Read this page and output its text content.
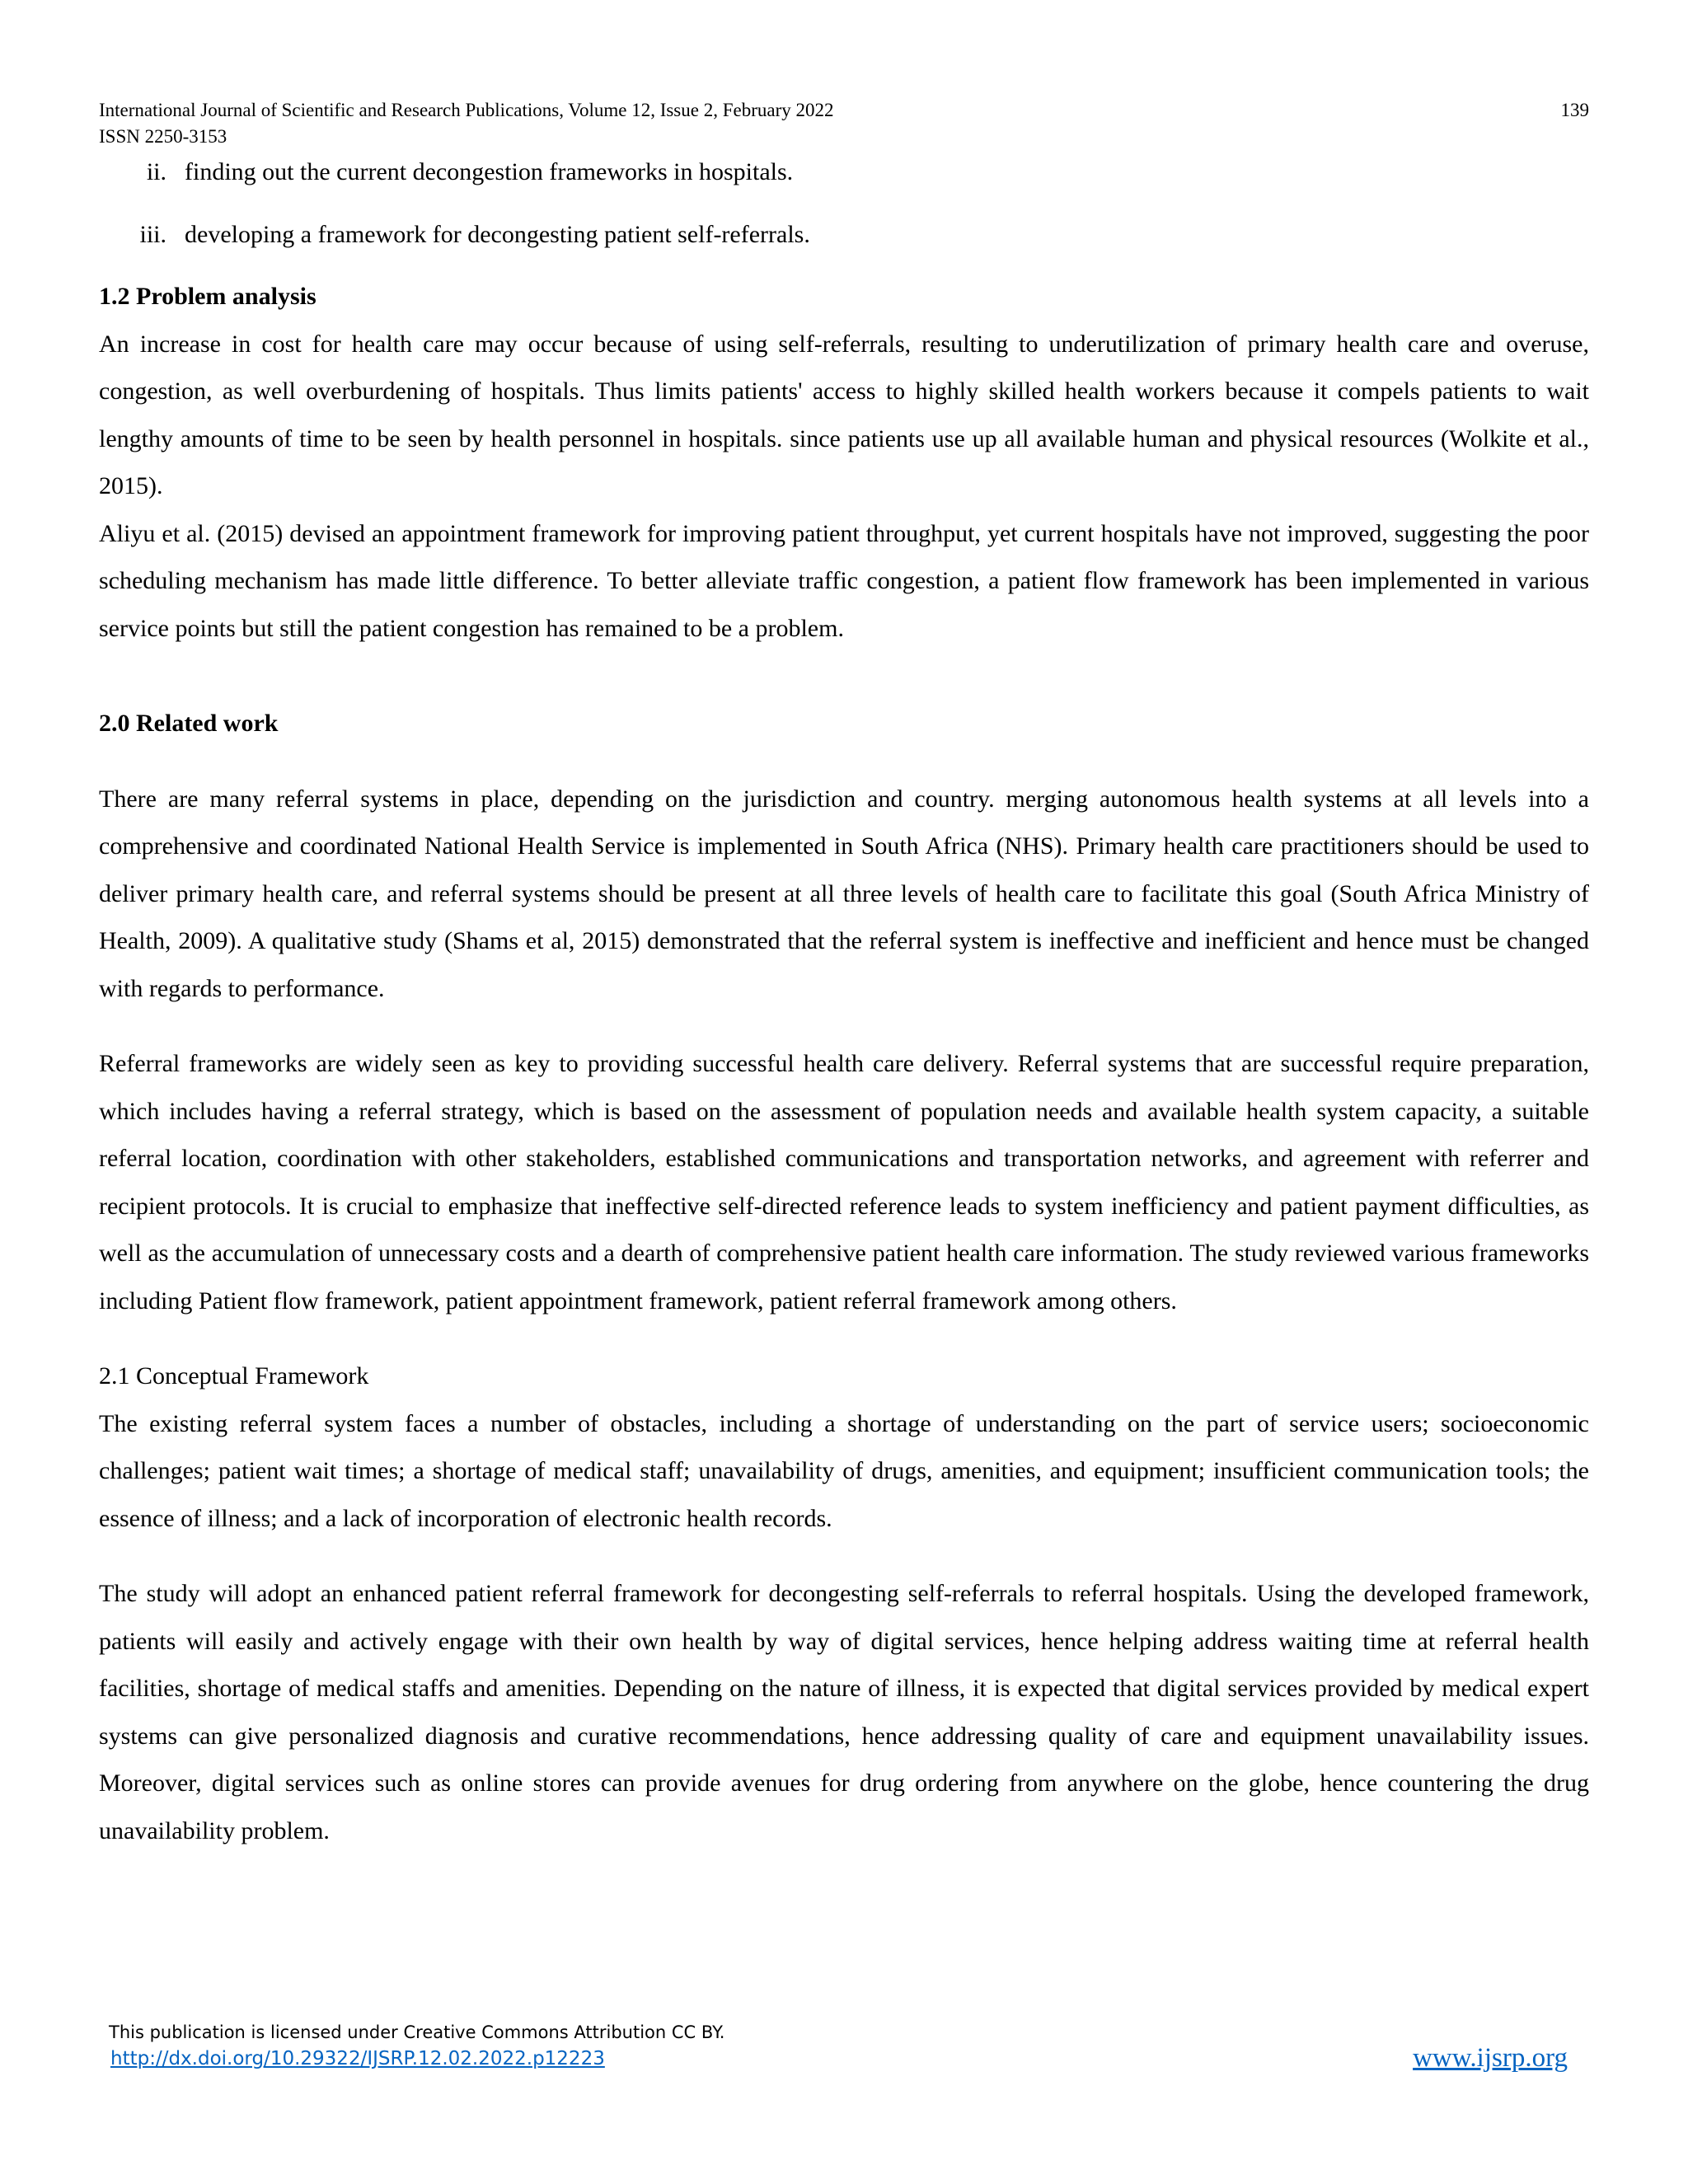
International Journal of Scientific and Research Publications, Volume 12, Issue 2, February 2022
ISSN 2250-3153
139
ii. finding out the current decongestion frameworks in hospitals.
iii. developing a framework for decongesting patient self-referrals.
1.2 Problem analysis

An increase in cost for health care may occur because of using self-referrals, resulting to underutilization of primary health care and overuse, congestion, as well overburdening of hospitals. Thus limits patients' access to highly skilled health workers because it compels patients to wait lengthy amounts of time to be seen by health personnel in hospitals. since patients use up all available human and physical resources (Wolkite et al., 2015).

Aliyu et al. (2015) devised an appointment framework for improving patient throughput, yet current hospitals have not improved, suggesting the poor scheduling mechanism has made little difference. To better alleviate traffic congestion, a patient flow framework has been implemented in various service points but still the patient congestion has remained to be a problem.

2.0 Related work

There are many referral systems in place, depending on the jurisdiction and country. merging autonomous health systems at all levels into a comprehensive and coordinated National Health Service is implemented in South Africa (NHS). Primary health care practitioners should be used to deliver primary health care, and referral systems should be present at all three levels of health care to facilitate this goal (South Africa Ministry of Health, 2009). A qualitative study (Shams et al, 2015) demonstrated that the referral system is ineffective and inefficient and hence must be changed with regards to performance.

Referral frameworks are widely seen as key to providing successful health care delivery. Referral systems that are successful require preparation, which includes having a referral strategy, which is based on the assessment of population needs and available health system capacity, a suitable referral location, coordination with other stakeholders, established communications and transportation networks, and agreement with referrer and recipient protocols. It is crucial to emphasize that ineffective self-directed reference leads to system inefficiency and patient payment difficulties, as well as the accumulation of unnecessary costs and a dearth of comprehensive patient health care information. The study reviewed various frameworks including Patient flow framework, patient appointment framework, patient referral framework among others.

2.1 Conceptual Framework

The existing referral system faces a number of obstacles, including a shortage of understanding on the part of service users; socioeconomic challenges; patient wait times; a shortage of medical staff; unavailability of drugs, amenities, and equipment; insufficient communication tools; the essence of illness; and a lack of incorporation of electronic health records.

The study will adopt an enhanced patient referral framework for decongesting self-referrals to referral hospitals. Using the developed framework, patients will easily and actively engage with their own health by way of digital services, hence helping address waiting time at referral health facilities, shortage of medical staffs and amenities. Depending on the nature of illness, it is expected that digital services provided by medical expert systems can give personalized diagnosis and curative recommendations, hence addressing quality of care and equipment unavailability issues. Moreover, digital services such as online stores can provide avenues for drug ordering from anywhere on the globe, hence countering the drug unavailability problem.

This publication is licensed under Creative Commons Attribution CC BY.
http://dx.doi.org/10.29322/IJSRP.12.02.2022.p12223	www.ijsrp.org
